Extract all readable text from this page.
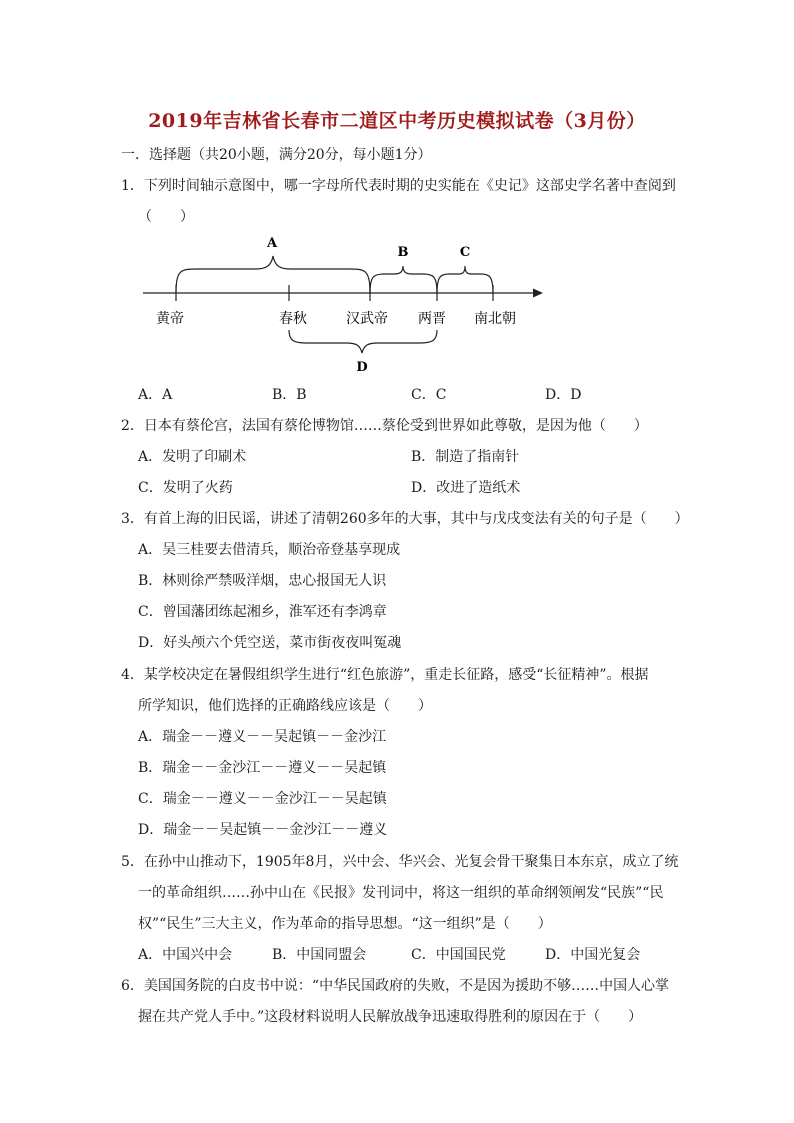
2019年吉林省长春市二道区中考历史模拟试卷（3月份）
一．选择题（共20小题，满分20分，每小题1分）
1．下列时间轴示意图中，哪一字母所代表时期的史实能在《史记》这部史学名著中查阅到
（　　）
A
B	C
D
黄帝	春秋	汉武帝 两晋 南北朝
A．A	B．B	C．C	D．D
2．日本有蔡伦宫，法国有蔡伦博物馆……蔡伦受到世界如此尊敬，是因为他（　　）
A．发明了印刷术	B．制造了指南针
C．发明了火药	D．改进了造纸术
3．有首上海的旧民谣，讲述了清朝260多年的大事，其中与戊戌变法有关的句子是（　　）
A．吴三桂要去借清兵，顺治帝登基享现成
B．林则徐严禁吸洋烟，忠心报国无人识
C．曾国藩团练起湘乡，淮军还有李鸿章
D．好头颅六个凭空送，菜市街夜夜叫冤魂
4．某学校决定在暑假组织学生进行“红色旅游”，重走长征路，感受“长征精神”。根据
所学知识，他们选择的正确路线应该是（　　）
A．瑞金－－遵义－－吴起镇－－金沙江
B．瑞金－－金沙江－－遵义－－吴起镇
C．瑞金－－遵义－－金沙江－－吴起镇
D．瑞金－－吴起镇－－金沙江－－遵义
5．在孙中山推动下，1905年8月，兴中会、华兴会、光复会骨干聚集日本东京，成立了统
一的革命组织……孙中山在《民报》发刊词中，将这一组织的革命纲领阐发“民族”“民
权”“民生”三大主义，作为革命的指导思想。“这一组织”是（　　）
A．中国兴中会	B．中国同盟会	C．中国国民党	D．中国光复会
6．美国国务院的白皮书中说：“中华民国政府的失败，不是因为援助不够……中国人心掌
握在共产党人手中。”这段材料说明人民解放战争迅速取得胜利的原因在于（　　）
